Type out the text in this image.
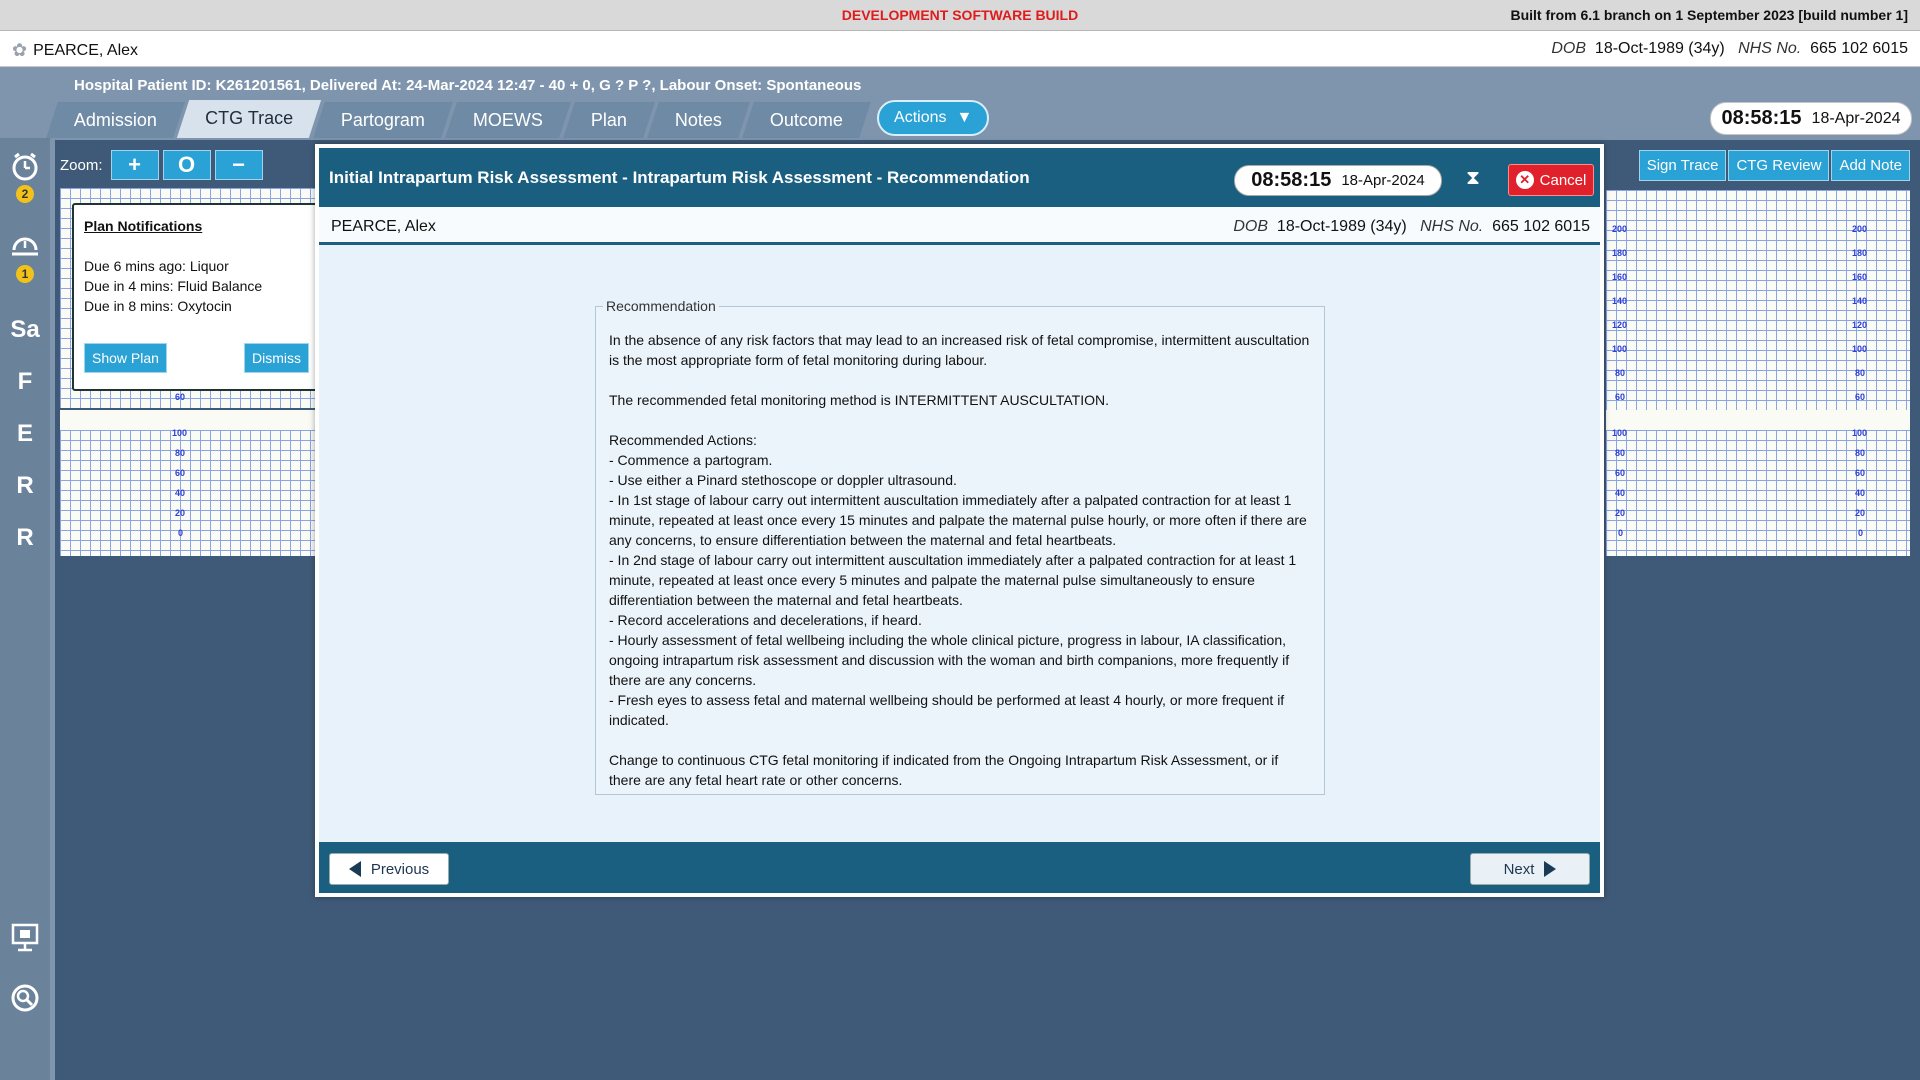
DEVELOPMENT SOFTWARE BUILD	Built from 6.1 branch on 1 September 2023 [build number 1]
✿ PEARCE, Alex	DOB 18-Oct-1989 (34y) NHS No. 665 102 6015
Hospital Patient ID: K261201561, Delivered At: 24-Mar-2024 12:47 - 40 + 0, G ? P ?, Labour Onset: Spontaneous
Admission	CTG Trace	Partogram	MOEWS	Plan	Notes	Outcome	Actions ▼	08:58:15 18-Apr-2024
2
1
Sa
F
E
R
R
Zoom:	+	O	−	Sign Trace	CTG Review	Add Note
60
100
80
60
40
20
0
200
180
160
140
120
100
80
60
200
180
160
140
120
100
80
60
100
80
60
40
20
0
100
80
60
40
20
0
Plan Notifications
Due 6 mins ago: Liquor
Due in 4 mins: Fluid Balance
Due in 8 mins: Oxytocin
Show Plan	Dismiss
Initial Intrapartum Risk Assessment - Intrapartum Risk Assessment - Recommendation	08:58:15 18-Apr-2024 ⧗	✕ Cancel
PEARCE, Alex	DOB 18-Oct-1989 (34y) NHS No. 665 102 6015
Recommendation
In the absence of any risk factors that may lead to an increased risk of fetal compromise, intermittent auscultation is the most appropriate form of fetal monitoring during labour.
The recommended fetal monitoring method is INTERMITTENT AUSCULTATION.
Recommended Actions:
- Commence a partogram.
- Use either a Pinard stethoscope or doppler ultrasound.
- In 1st stage of labour carry out intermittent auscultation immediately after a palpated contraction for at least 1 minute, repeated at least once every 15 minutes and palpate the maternal pulse hourly, or more often if there are any concerns, to ensure differentiation between the maternal and fetal heartbeats.
- In 2nd stage of labour carry out intermittent auscultation immediately after a palpated contraction for at least 1 minute, repeated at least once every 5 minutes and palpate the maternal pulse simultaneously to ensure differentiation between the maternal and fetal heartbeats.
- Record accelerations and decelerations, if heard.
- Hourly assessment of fetal wellbeing including the whole clinical picture, progress in labour, IA classification, ongoing intrapartum risk assessment and discussion with the woman and birth companions, more frequently if there are any concerns.
- Fresh eyes to assess fetal and maternal wellbeing should be performed at least 4 hourly, or more frequent if indicated.
Change to continuous CTG fetal monitoring if indicated from the Ongoing Intrapartum Risk Assessment, or if there are any fetal heart rate or other concerns.
Previous	Next
